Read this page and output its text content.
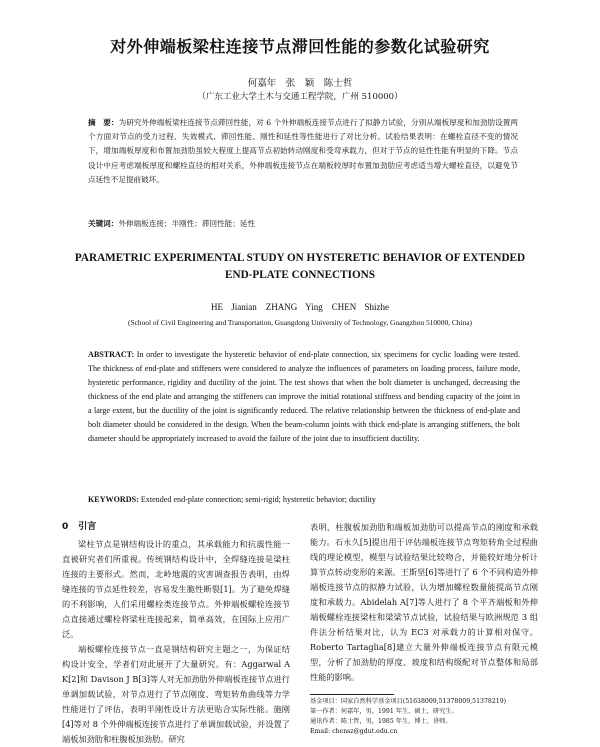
对外伸端板梁柱连接节点滞回性能的参数化试验研究
何嘉年　张　颖　陈士哲
（广东工业大学土木与交通工程学院，广州 510000）
摘　要：为研究外伸端板梁柱连接节点滞回性能，对 6 个外伸端板连接节点进行了拟静力试验，分别从端板厚度和加劲肋设置两个方面对节点的受力过程、失效模式、滞回性能、刚性和延性等性能进行了对比分析。试验结果表明：在螺栓直径不变的情况下，增加端板厚度和布置加劲肋虽较大程度上提高节点初始转动刚度和受弯承载力，但对于节点的延性性能有明显的下降。节点设计中应考虑端板厚度和螺栓直径的相对关系，外伸端板连接节点在端板较厚时布置加劲肋应考虑适当增大螺栓直径，以避免节点延性不足提前破坏。
关键词：外伸端板连接；半刚性；滞回性能；延性
PARAMETRIC EXPERIMENTAL STUDY ON HYSTERETIC BEHAVIOR OF EXTENDED END-PLATE CONNECTIONS
HE Jianian　ZHANG Ying　CHEN Shizhe
(School of Civil Engineering and Transportation, Guangdong University of Technology, Guangzhou 510000, China)
ABSTRACT: In order to investigate the hysteretic behavior of end-plate connection, six specimens for cyclic loading were tested. The thickness of end-plate and stiffeners were considered to analyze the influences of parameters on loading process, failure mode, hysteretic performance, rigidity and ductility of the joint. The test shows that when the bolt diameter is unchanged, decreasing the thickness of the end plate and arranging the stiffeners can improve the initial rotational stiffness and bending capacity of the joint in a large extent, but the ductility of the joint is significantly reduced. The relative relationship between the thickness of end-plate and bolt diameter should be considered in the design. When the beam-column joints with thick end-plate is arranging stiffeners, the bolt diameter should be appropriately increased to avoid the failure of the joint due to insufficient ductility.
KEYWORDS: Extended end-plate connection; semi-rigid; hysteretic behavior; ductility
0 引言

梁柱节点是钢结构设计的重点，其承载能力和抗震性能一直被研究者们所重视。传统钢结构设计中，全焊缝连接是梁柱连接的主要形式。然而，北岭地震的灾害调查报告表明，由焊缝连接的节点延性较差，容易发生脆性断裂[1]。为了避免焊缝的不利影响，人们采用螺栓类连接节点。外伸端板螺栓连接节点直接通过螺栓将梁柱连接起来，简单高效，在国际上应用广泛。

端板螺栓连接节点一直是钢结构研究主题之一，为保证结构设计安全，学者们对此展开了大量研究。有：Aggarwal A K[2]和 Davison J B[3]等人对无加劲肋外伸端板连接节点进行单调加载试验，对节点进行了节点刚度、弯矩转角曲线等力学性能进行了评估，表明半刚性设计方法更贴合实际性能。施刚[4]等对 8 个外伸端板连接节点进行了单调加载试验，并设置了端板加劲肋和柱腹板加劲肋。研究

表明，柱腹板加劲肋和端板加劲肋可以提高节点的刚度和承载能力。石永久[5]提出用于评估端板连接节点弯矩转角全过程曲线的理论模型，模型与试验结果比较吻合，并能较好地分析计算节点转动变形的来源。王斯坚[6]等进行了 6 个不同构造外伸端板连接节点的拟静力试验，认为增加螺栓数量能提高节点刚度和承载力。Abidelah A[7]等人进行了 8 个平齐端板和外伸端板螺栓连接梁柱和梁梁节点试验，试验结果与欧洲规范 3 组件法分析结果对比，认为 EC3 对承载力的计算相对保守。Roberto Tartaglia[8]建立大量外伸端板连接节点有限元模型，分析了加劲肋的厚度、坡度和结构级配对节点整体和局部性能的影响。

基金项目：国家自然科学基金项目(51638009,51378009,51378219)
第一作者：何嘉年，男，1991 年生，硕士，研究生。
通讯作者：陈士哲，男，1985 年生，博士，讲师。
Email: chensz@gdut.edu.cn
